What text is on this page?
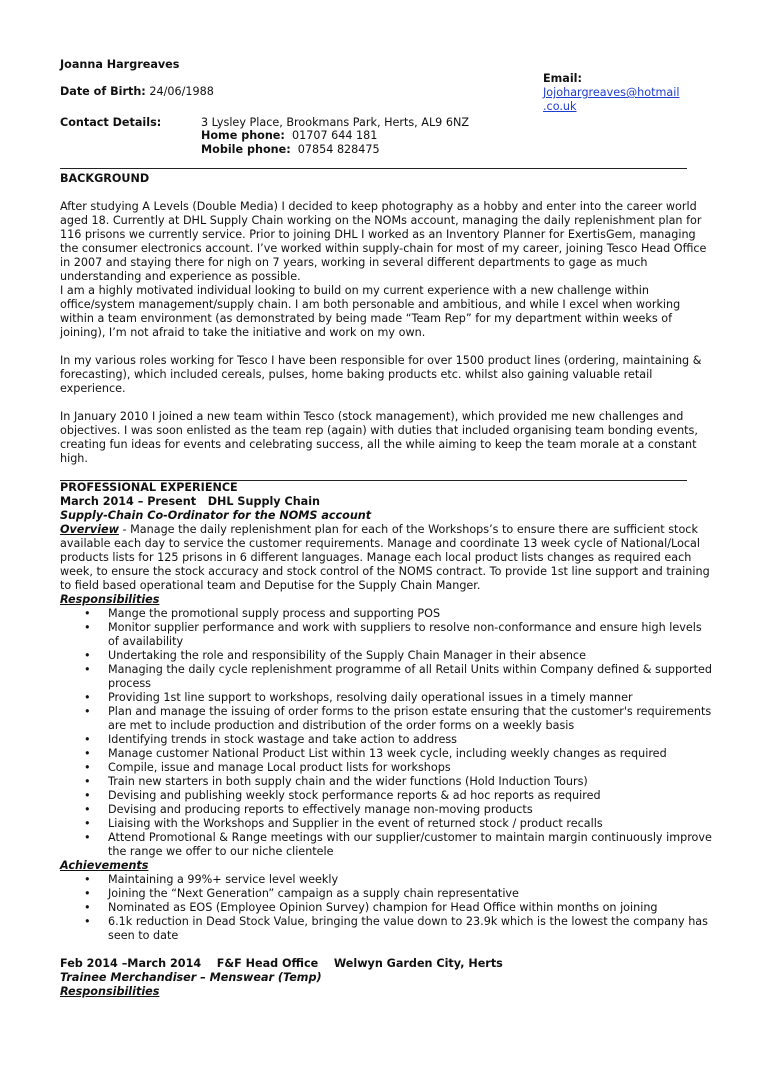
Joanna Hargreaves
Date of Birth: 24/06/1988
Email:
Jojohargreaves@hotmail
.co.uk
Contact Details:	3 Lysley Place, Brookmans Park, Herts, AL9 6NZ
Home phone: 01707 644 181
Mobile phone: 07854 828475

BACKGROUND

After studying A Levels (Double Media) I decided to keep photography as a hobby and enter into the career world aged 18. Currently at DHL Supply Chain working on the NOMs account, managing the daily replenishment plan for 116 prisons we currently service. Prior to joining DHL I worked as an Inventory Planner for ExertisGem, managing the consumer electronics account. I’ve worked within supply-chain for most of my career, joining Tesco Head Office in 2007 and staying there for nigh on 7 years, working in several different departments to gage as much understanding and experience as possible.

I am a highly motivated individual looking to build on my current experience with a new challenge within office/system management/supply chain. I am both personable and ambitious, and while I excel when working within a team environment (as demonstrated by being made “Team Rep” for my department within weeks of joining), I’m not afraid to take the initiative and work on my own.

In my various roles working for Tesco I have been responsible for over 1500 product lines (ordering, maintaining & forecasting), which included cereals, pulses, home baking products etc. whilst also gaining valuable retail experience.

In January 2010 I joined a new team within Tesco (stock management), which provided me new challenges and objectives. I was soon enlisted as the team rep (again) with duties that included organising team bonding events, creating fun ideas for events and celebrating success, all the while aiming to keep the team morale at a constant high.

PROFESSIONAL EXPERIENCE

March 2014 – Present   DHL Supply Chain

Supply-Chain Co-Ordinator for the NOMS account

Overview - Manage the daily replenishment plan for each of the Workshops’s to ensure there are sufficient stock available each day to service the customer requirements. Manage and coordinate 13 week cycle of National/Local products lists for 125 prisons in 6 different languages. Manage each local product lists changes as required each week, to ensure the stock accuracy and stock control of the NOMS contract. To provide 1st line support and training to field based operational team and Deputise for the Supply Chain Manger.

Responsibilities

• Mange the promotional supply process and supporting POS
• Monitor supplier performance and work with suppliers to resolve non-conformance and ensure high levels of availability
• Undertaking the role and responsibility of the Supply Chain Manager in their absence
• Managing the daily cycle replenishment programme of all Retail Units within Company defined & supported process
• Providing 1st line support to workshops, resolving daily operational issues in a timely manner
• Plan and manage the issuing of order forms to the prison estate ensuring that the customer's requirements are met to include production and distribution of the order forms on a weekly basis
• Identifying trends in stock wastage and take action to address
• Manage customer National Product List within 13 week cycle, including weekly changes as required
• Compile, issue and manage Local product lists for workshops
• Train new starters in both supply chain and the wider functions (Hold Induction Tours)
• Devising and publishing weekly stock performance reports & ad hoc reports as required
• Devising and producing reports to effectively manage non-moving products
• Liaising with the Workshops and Supplier in the event of returned stock / product recalls
• Attend Promotional & Range meetings with our supplier/customer to maintain margin continuously improve the range we offer to our niche clientele

Achievements

• Maintaining a 99%+ service level weekly
• Joining the “Next Generation” campaign as a supply chain representative
• Nominated as EOS (Employee Opinion Survey) champion for Head Office within months on joining
• 6.1k reduction in Dead Stock Value, bringing the value down to 23.9k which is the lowest the company has seen to date

Feb 2014 –March 2014    F&F Head Office    Welwyn Garden City, Herts

Trainee Merchandiser – Menswear (Temp)

Responsibilities
